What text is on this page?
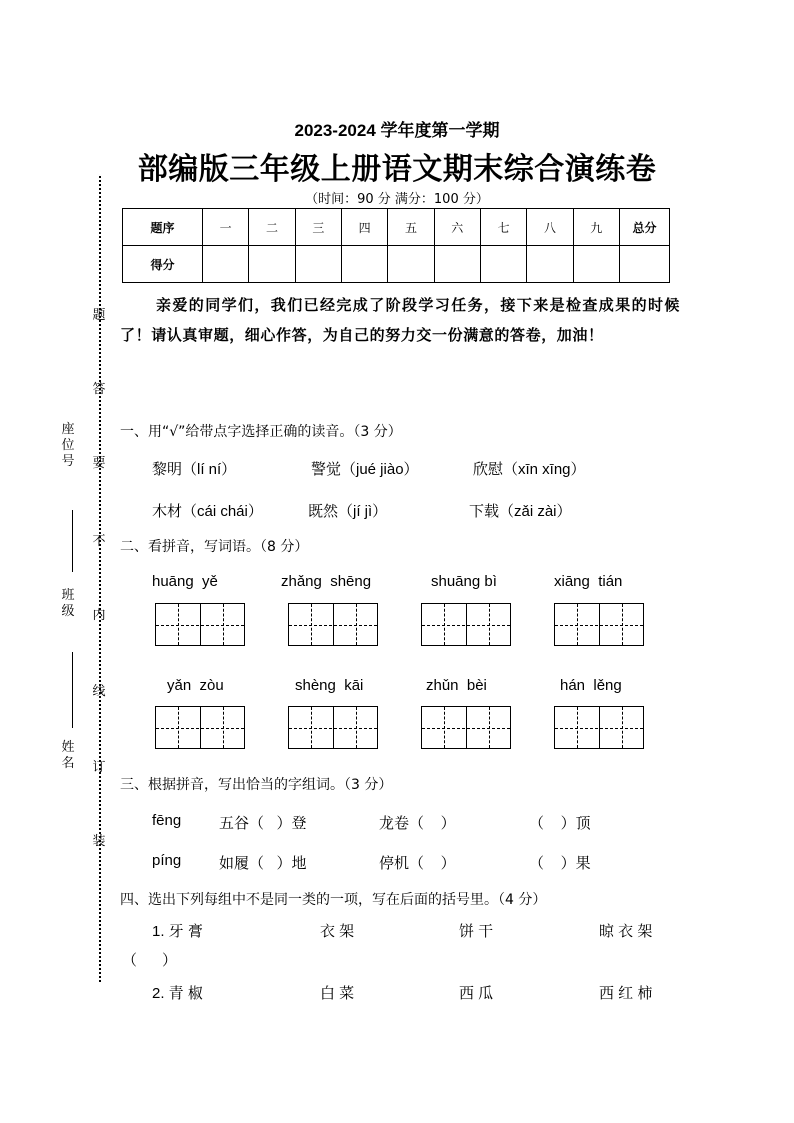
2023-2024 学年度第一学期
部编版三年级上册语文期末综合演练卷
（时间：90 分 满分：100 分）
题序	一	二	三	四	五	六	七	八	九	总分
得分										
亲爱的同学们，我们已经完成了阶段学习任务，接下来是检查成果的时候了！请认真审题，细心作答，为自己的努力交一份满意的答卷，加油！
题
答
要
不
内
线
订
装
座位号
班级
姓名
一、用“√”给带点字选择正确的读音。（3 分）
黎明（lí ní）	警觉（jué jiào）	欣慰（xīn xīng）
木材（cái chái）	既然（jí jì）	下载（zǎi zài）
二、看拼音，写词语。（8 分）
huāng  yě	zhǎng  shēng	shuāng bì	xiāng  tián
yǎn  zòu	shèng  kāi	zhǔn  bèi	hán  lěng
三、根据拼音，写出恰当的字组词。（3 分）
fēng	五谷（   ）登	龙卷（    ）	（    ）顶
píng	如履（   ）地	停机（    ）	（    ）果
四、选出下列每组中不是同一类的一项，写在后面的括号里。（4 分）
1. 牙 膏	衣 架	饼 干	晾 衣 架
（      ）
2. 青 椒	白 菜	西 瓜	西 红 柿
